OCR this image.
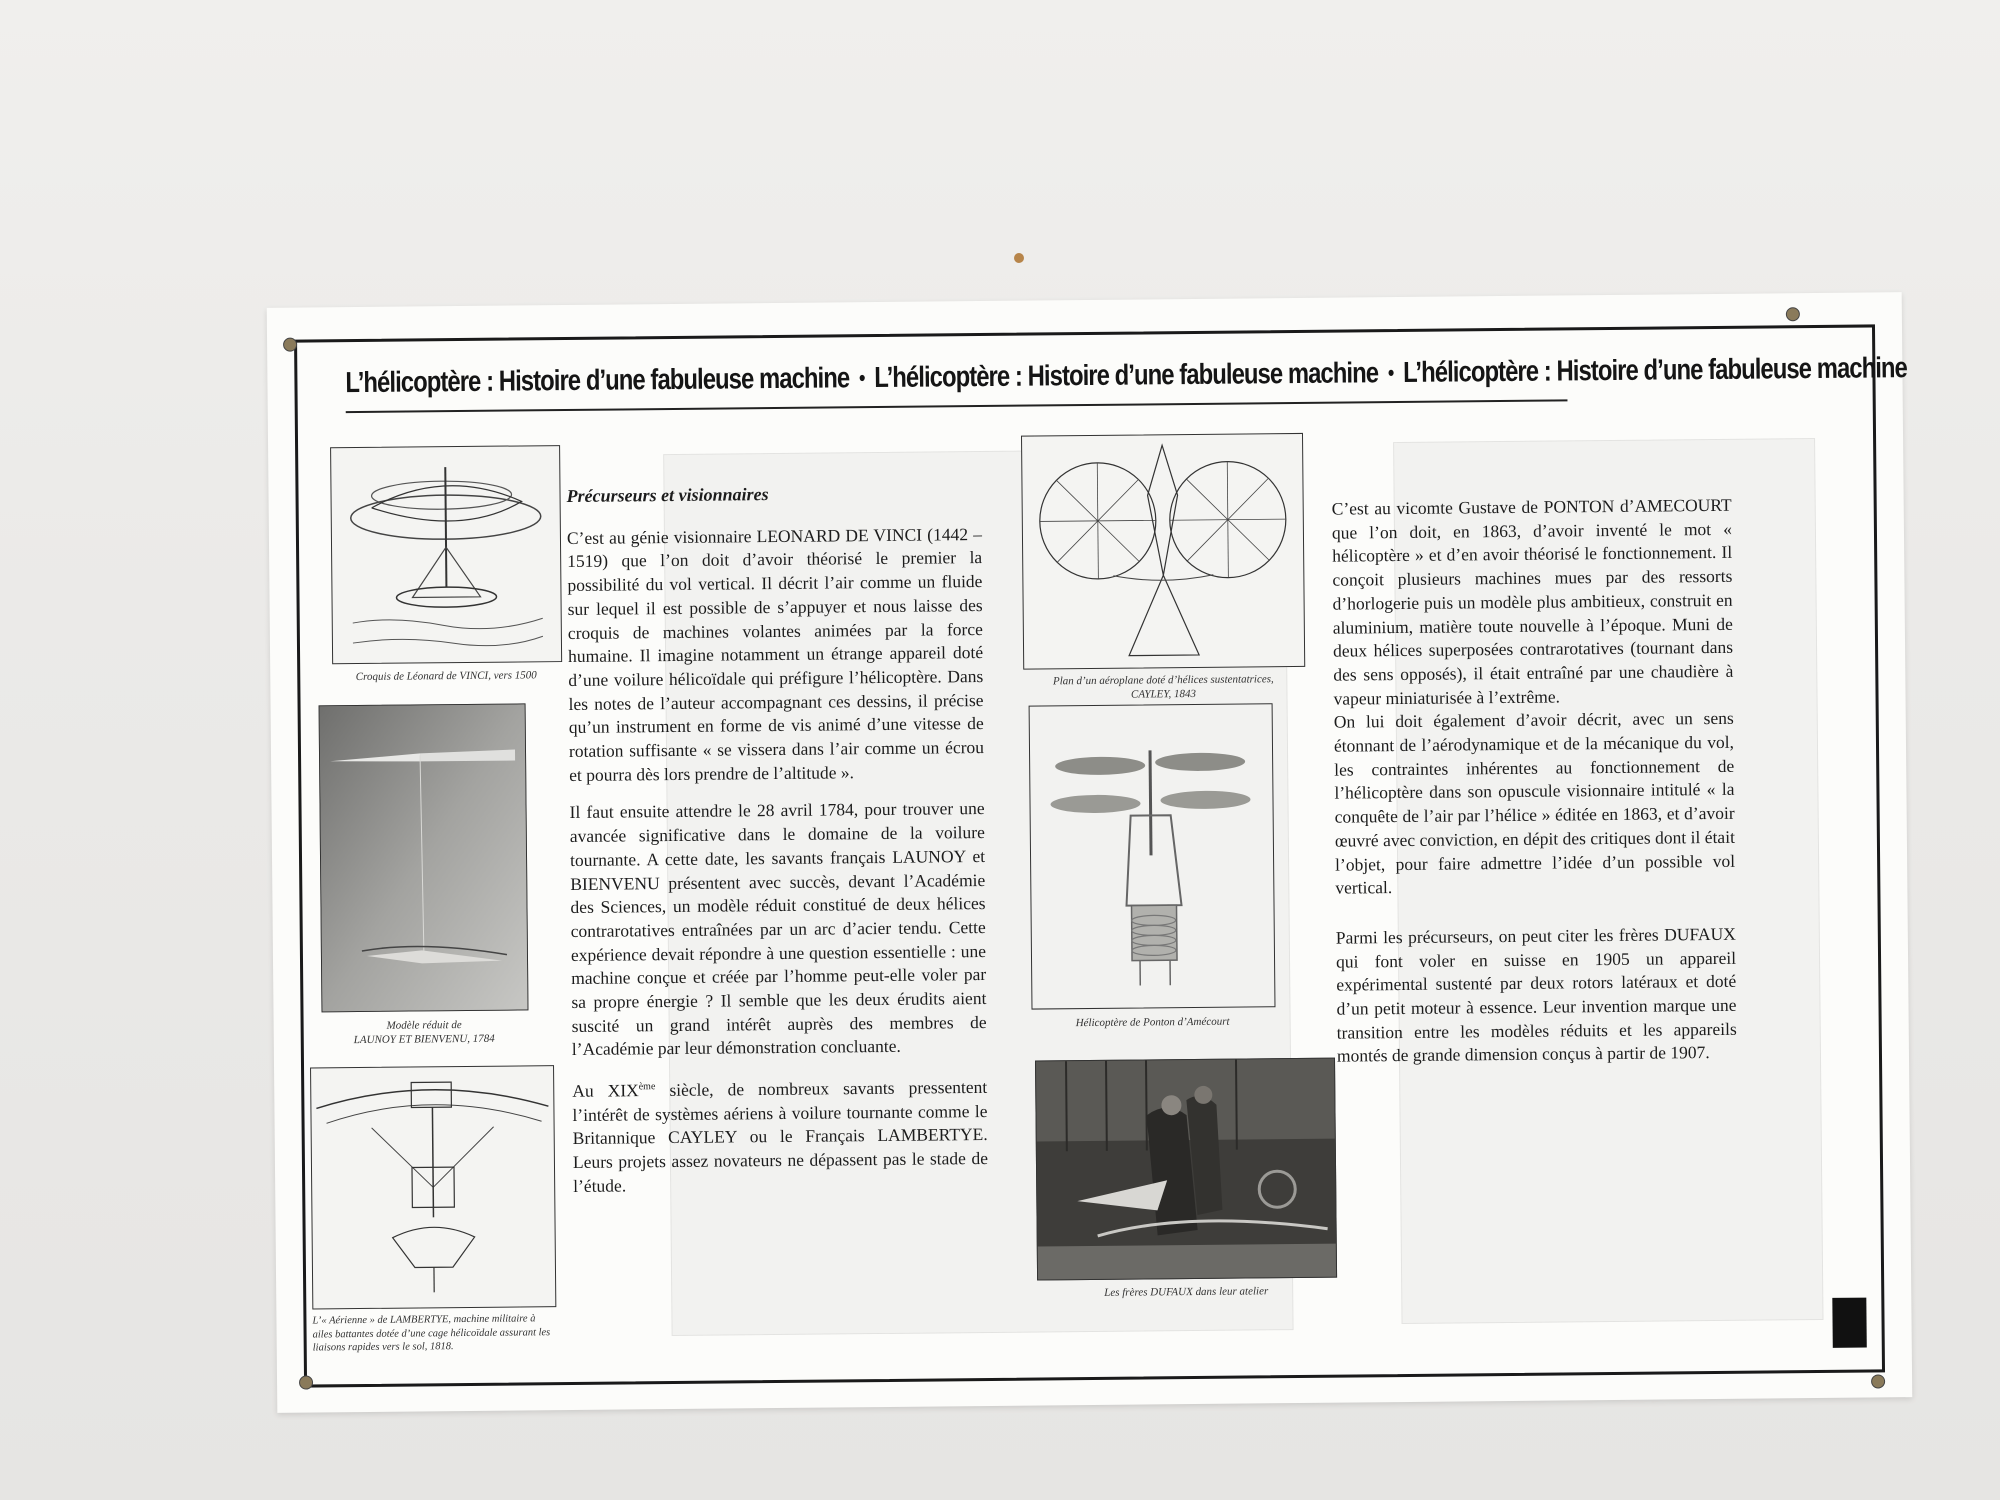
L’hélicoptère : Histoire d’une fabuleuse machine • L’hélicoptère : Histoire d’une fabuleuse machine • L’hélicoptère : Histoire d’une fabuleuse machine
Croquis de Léonard de VINCI, vers 1500
Modèle réduit de
LAUNOY ET BIENVENU, 1784
L’« Aérienne » de LAMBERTYE, machine militaire à ailes battantes dotée d’une cage hélicoïdale assurant les liaisons rapides vers le sol, 1818.
Précurseurs et visionnaires

C’est au génie visionnaire LEONARD DE VINCI (1442 – 1519) que l’on doit d’avoir théorisé le premier la possibilité du vol vertical. Il décrit l’air comme un fluide sur lequel il est possible de s’appuyer et nous laisse des croquis de machines volantes animées par la force humaine. Il imagine notamment un étrange appareil doté d’une voilure hélicoïdale qui préfigure l’hélicoptère. Dans les notes de l’auteur accompagnant ces dessins, il précise qu’un instrument en forme de vis animé d’une vitesse de rotation suffisante « se vissera dans l’air comme un écrou et pourra dès lors prendre de l’altitude ».

Il faut ensuite attendre le 28 avril 1784, pour trouver une avancée significative dans le domaine de la voilure tournante. A cette date, les savants français LAUNOY et BIENVENU présentent avec succès, devant l’Académie des Sciences, un modèle réduit constitué de deux hélices contrarotatives entraînées par un arc d’acier tendu. Cette expérience devait répondre à une question essentielle : une machine conçue et créée par l’homme peut-elle voler par sa propre énergie ? Il semble que les deux érudits aient suscité un grand intérêt auprès des membres de l’Académie par leur démonstration concluante.

Au XIXème siècle, de nombreux savants pressentent l’intérêt de systèmes aériens à voilure tournante comme le Britannique CAYLEY ou le Français LAMBERTYE. Leurs projets assez novateurs ne dépassent pas le stade de l’étude.

Plan d’un aéroplane doté d’hélices sustentatrices,
CAYLEY, 1843
Hélicoptère de Ponton d’Amécourt
Les frères DUFAUX dans leur atelier

C’est au vicomte Gustave de PONTON d’AMECOURT que l’on doit, en 1863, d’avoir inventé le mot « hélicoptère » et d’en avoir théorisé le fonctionnement. Il conçoit plusieurs machines mues par des ressorts d’horlogerie puis un modèle plus ambitieux, construit en aluminium, matière toute nouvelle à l’époque. Muni de deux hélices superposées contrarotatives (tournant dans des sens opposés), il était entraîné par une chaudière à vapeur miniaturisée à l’extrême.

On lui doit également d’avoir décrit, avec un sens étonnant de l’aérodynamique et de la mécanique du vol, les contraintes inhérentes au fonctionnement de l’hélicoptère dans son opuscule visionnaire intitulé « la conquête de l’air par l’hélice » éditée en 1863, et d’avoir œuvré avec conviction, en dépit des critiques dont il était l’objet, pour faire admettre l’idée d’un possible vol vertical.

Parmi les précurseurs, on peut citer les frères DUFAUX qui font voler en suisse en 1905 un appareil expérimental sustenté par deux rotors latéraux et doté d’un petit moteur à essence. Leur invention marque une transition entre les modèles réduits et les appareils montés de grande dimension conçus à partir de 1907.
